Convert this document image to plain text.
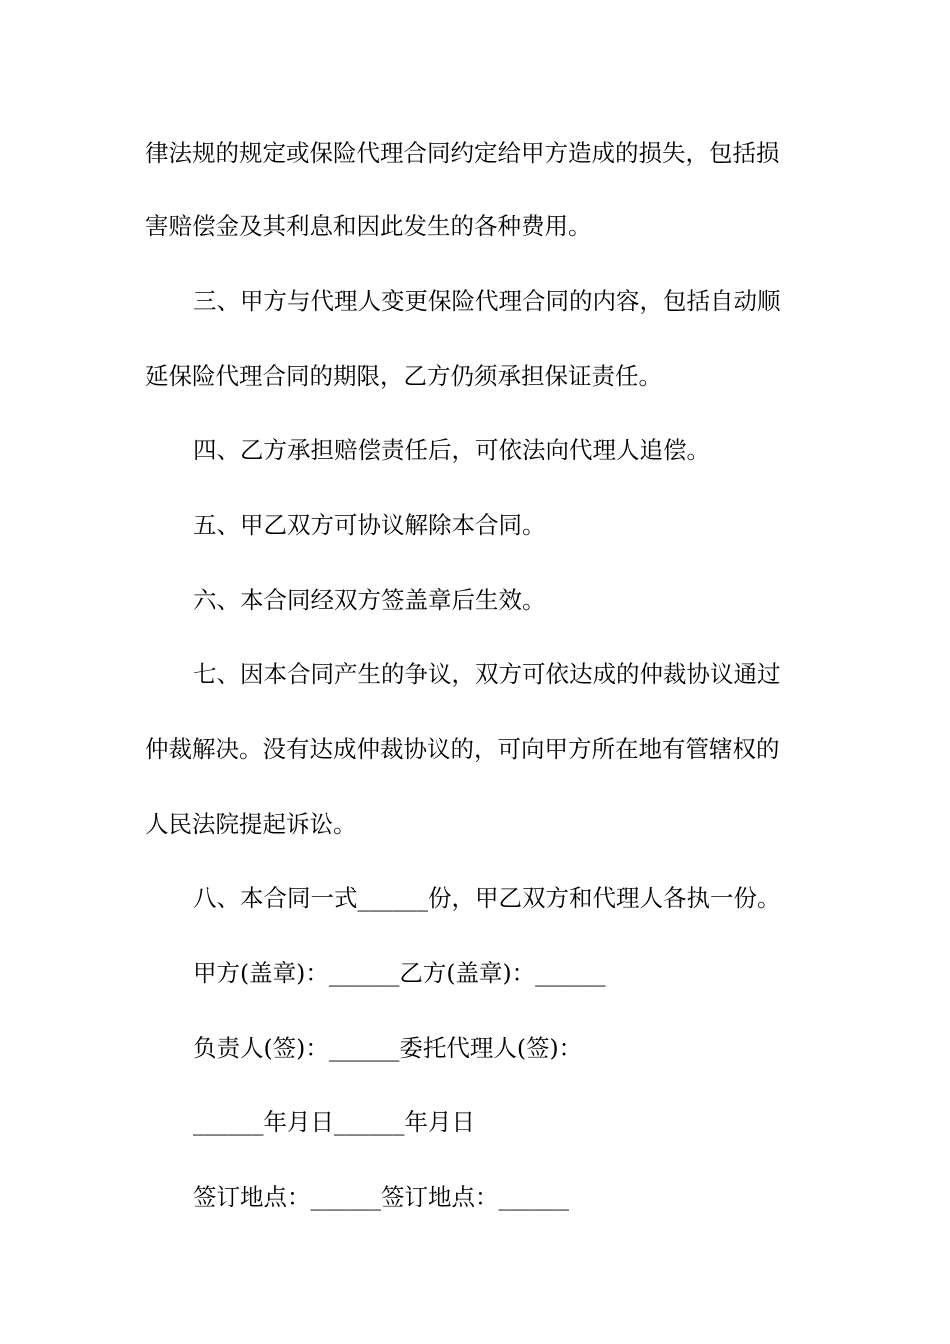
律法规的规定或保险代理合同约定给甲方造成的损失，包括损
害赔偿金及其利息和因此发生的各种费用。
三、甲方与代理人变更保险代理合同的内容，包括自动顺
延保险代理合同的期限，乙方仍须承担保证责任。
四、乙方承担赔偿责任后，可依法向代理人追偿。
五、甲乙双方可协议解除本合同。
六、本合同经双方签盖章后生效。
七、因本合同产生的争议，双方可依达成的仲裁协议通过
仲裁解决。没有达成仲裁协议的，可向甲方所在地有管辖权的
人民法院提起诉讼。
八、本合同一式______份，甲乙双方和代理人各执一份。
甲方(盖章)：______乙方(盖章)：______
负责人(签)：______委托代理人(签)：
______年月日______年月日
签订地点：______签订地点：______
